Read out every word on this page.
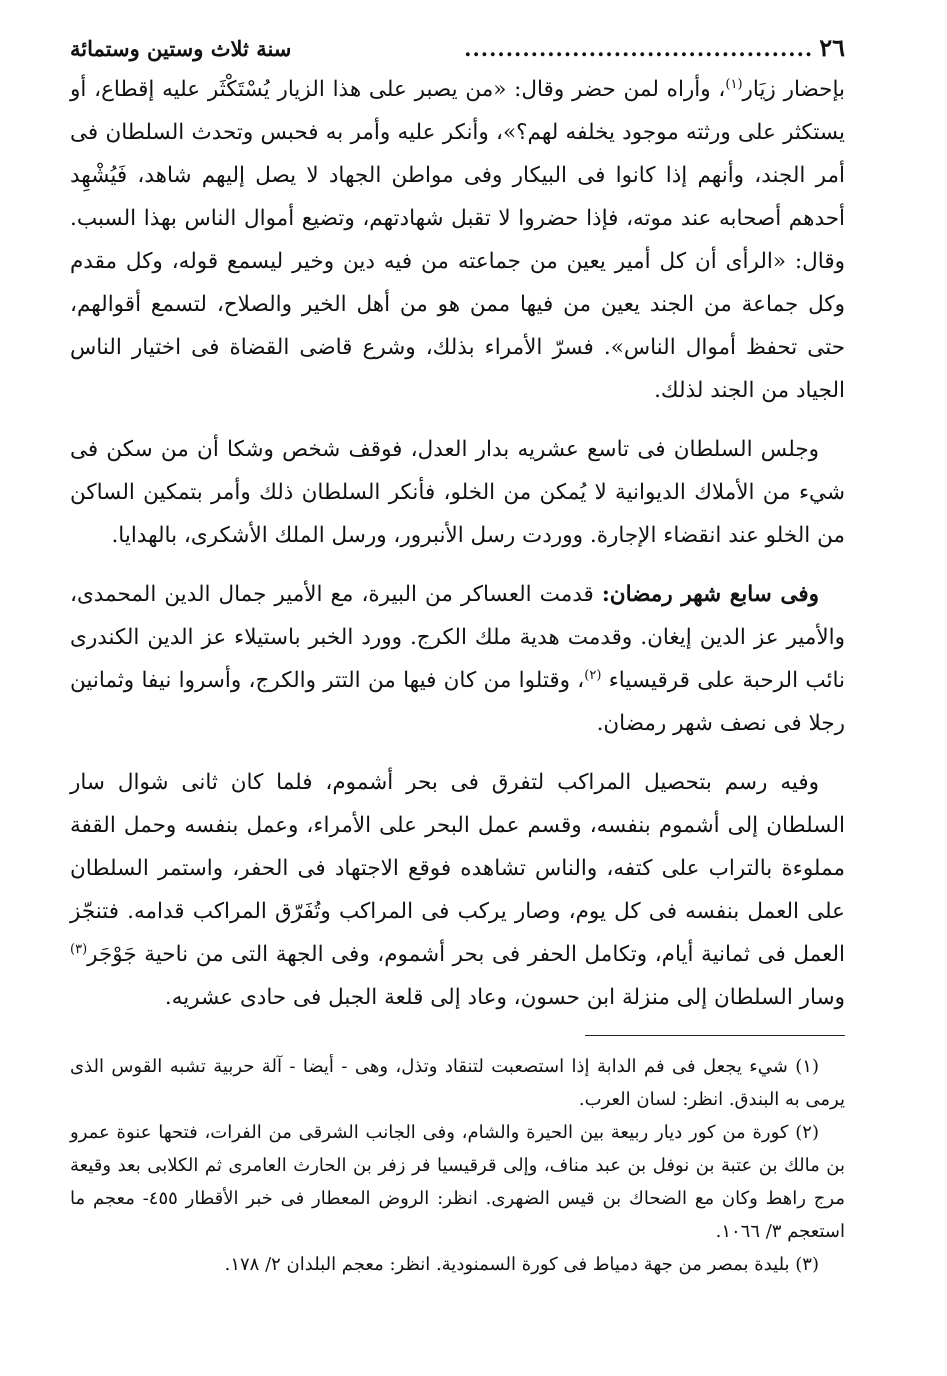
٢٦
..........................................
سنة ثلاث وستين وستمائة

بإحضار زيَار$^{(١)}$، وأراه لمن حضر وقال: «من يصبر على هذا الزيار يُسْتَكْثَر عليه إقطاع، أو يستكثر على ورثته موجود يخلفه لهم؟»، وأنكر عليه وأمر به فحبس وتحدث السلطان فى أمر الجند، وأنهم إذا كانوا فى البيكار وفى مواطن الجهاد لا يصل إليهم شاهد، فَيُشْهِد أحدهم أصحابه عند موته، فإذا حضروا لا تقبل شهادتهم، وتضيع أموال الناس بهذا السبب. وقال: «الرأى أن كل أمير يعين من جماعته من فيه دين وخير ليسمع قوله، وكل مقدم وكل جماعة من الجند يعين من فيها ممن هو من أهل الخير والصلاح، لتسمع أقوالهم، حتى تحفظ أموال الناس». فسرّ الأمراء بذلك، وشرع قاضى القضاة فى اختيار الناس الجياد من الجند لذلك.

وجلس السلطان فى تاسع عشريه بدار العدل، فوقف شخص وشكا أن من سكن فى شيء من الأملاك الديوانية لا يُمكن من الخلو، فأنكر السلطان ذلك وأمر بتمكين الساكن من الخلو عند انقضاء الإجارة. ووردت رسل الأنبرور، ورسل الملك الأشكرى، بالهدايا.

وفى سابع شهر رمضان: قدمت العساكر من البيرة، مع الأمير جمال الدين المحمدى، والأمير عز الدين إيغان. وقدمت هدية ملك الكرج. وورد الخبر باستيلاء عز الدين الكندرى نائب الرحبة على قرقيسياء $^{(٢)}$، وقتلوا من كان فيها من التتر والكرج، وأسروا نيفا وثمانين رجلا فى نصف شهر رمضان.

وفيه رسم بتحصيل المراكب لتفرق فى بحر أشموم، فلما كان ثانى شوال سار السلطان إلى أشموم بنفسه، وقسم عمل البحر على الأمراء، وعمل بنفسه وحمل القفة مملوءة بالتراب على كتفه، والناس تشاهده فوقع الاجتهاد فى الحفر، واستمر السلطان على العمل بنفسه فى كل يوم، وصار يركب فى المراكب وتُفَرّق المراكب قدامه. فتنجّز العمل فى ثمانية أيام، وتكامل الحفر فى بحر أشموم، وفى الجهة التى من ناحية جَوْجَر$^{(٣)}$ وسار السلطان إلى منزلة ابن حسون، وعاد إلى قلعة الجبل فى حادى عشريه.

(١) شيء يجعل فى فم الدابة إذا استصعبت لتنقاد وتذل، وهى - أيضا - آلة حربية تشبه القوس الذى يرمى به البندق. انظر: لسان العرب.

(٢) كورة من كور ديار ربيعة بين الحيرة والشام، وفى الجانب الشرقى من الفرات، فتحها عنوة عمرو بن مالك بن عتبة بن نوفل بن عبد مناف، وإلى قرقيسيا فر زفر بن الحارث العامرى ثم الكلابى بعد وقيعة مرج راهط وكان مع الضحاك بن قيس الضهرى. انظر: الروض المعطار فى خبر الأقطار ٤٥٥- معجم ما استعجم ٣/ ١٠٦٦.

(٣) بليدة بمصر من جهة دمياط فى كورة السمنودية. انظر: معجم البلدان ٢/ ١٧٨.
